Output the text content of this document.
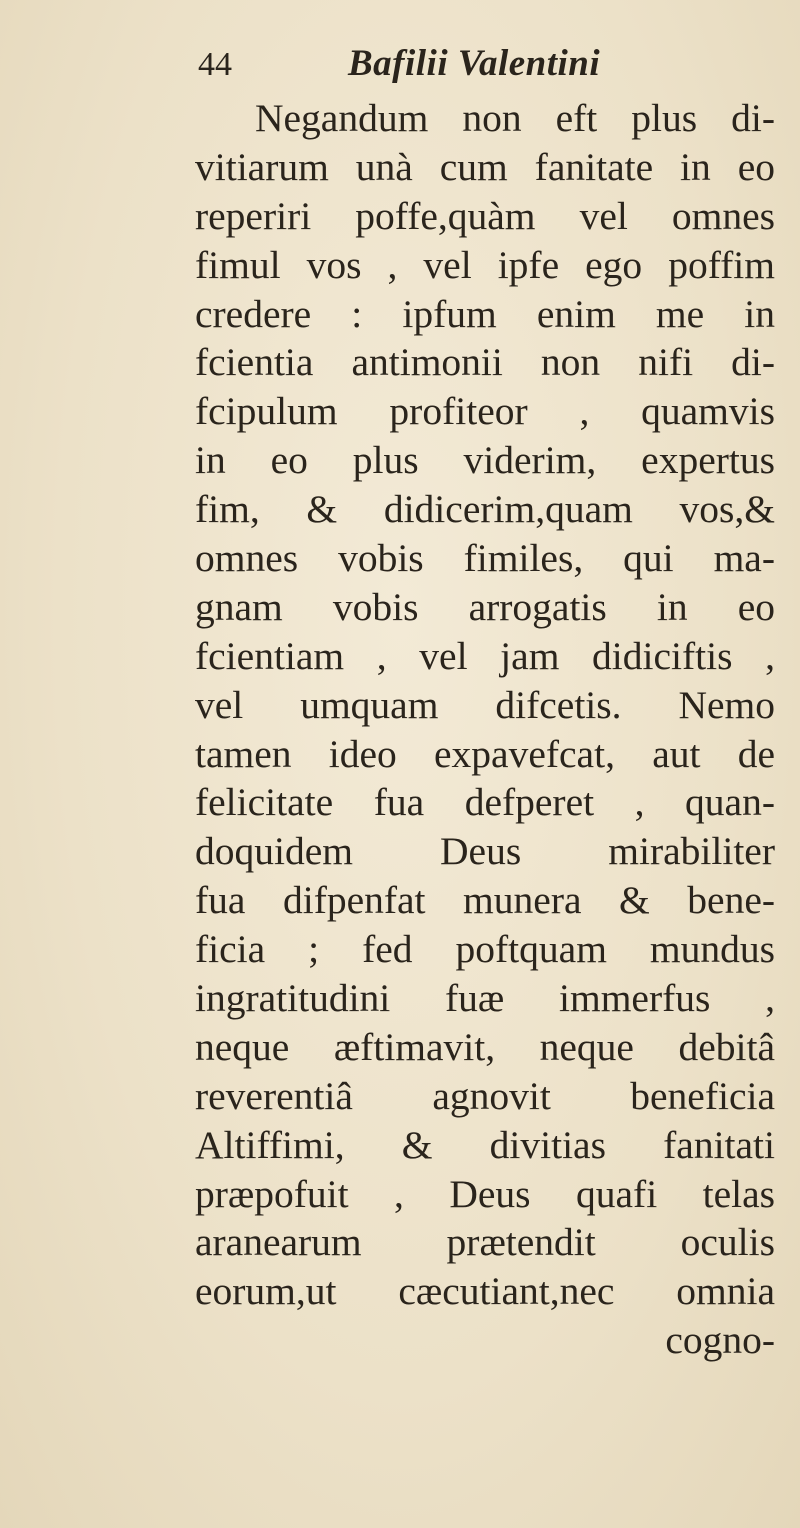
44	Bafilii Valentini
Negandum non eft plus di-
vitiarum unà cum fanitate in eo
reperiri poffe,quàm vel omnes
fimul vos , vel ipfe ego poffim
credere : ipfum enim me in
fcientia antimonii non nifi di-
fcipulum profiteor , quamvis
in eo plus viderim, expertus
fim, & didicerim,quam vos,&
omnes vobis fimiles, qui ma-
gnam vobis arrogatis in eo
fcientiam , vel jam didiciftis ,
vel umquam difcetis. Nemo
tamen ideo expavefcat, aut de
felicitate fua defperet , quan-
doquidem Deus mirabiliter
fua difpenfat munera & bene-
ficia ; fed poftquam mundus
ingratitudini fuæ immerfus ,
neque æftimavit, neque debitâ
reverentiâ agnovit beneficia
Altiffimi, & divitias fanitati
præpofuit , Deus quafi telas
aranearum prætendit oculis
eorum,ut cæcutiant,nec omnia
cogno-
